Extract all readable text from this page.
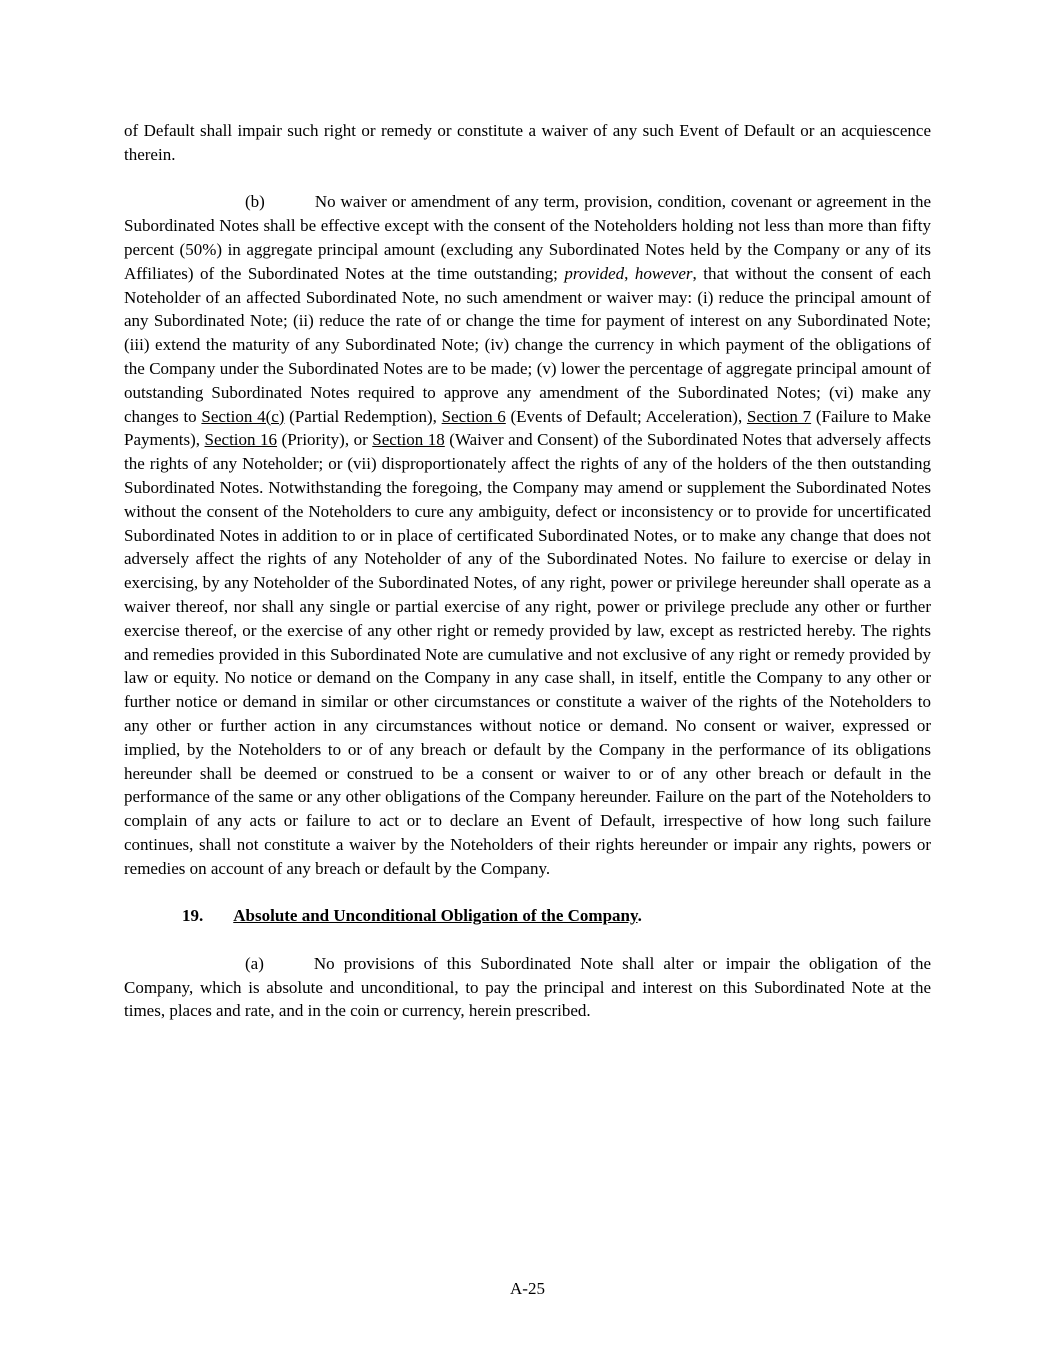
of Default shall impair such right or remedy or constitute a waiver of any such Event of Default or an acquiescence therein.

(b)	No waiver or amendment of any term, provision, condition, covenant or agreement in the Subordinated Notes shall be effective except with the consent of the Noteholders holding not less than more than fifty percent (50%) in aggregate principal amount (excluding any Subordinated Notes held by the Company or any of its Affiliates) of the Subordinated Notes at the time outstanding; provided, however, that without the consent of each Noteholder of an affected Subordinated Note, no such amendment or waiver may: (i) reduce the principal amount of any Subordinated Note; (ii) reduce the rate of or change the time for payment of interest on any Subordinated Note; (iii) extend the maturity of any Subordinated Note; (iv) change the currency in which payment of the obligations of the Company under the Subordinated Notes are to be made; (v) lower the percentage of aggregate principal amount of outstanding Subordinated Notes required to approve any amendment of the Subordinated Notes; (vi) make any changes to Section 4(c) (Partial Redemption), Section 6 (Events of Default; Acceleration), Section 7 (Failure to Make Payments), Section 16 (Priority), or Section 18 (Waiver and Consent) of the Subordinated Notes that adversely affects the rights of any Noteholder; or (vii) disproportionately affect the rights of any of the holders of the then outstanding Subordinated Notes. Notwithstanding the foregoing, the Company may amend or supplement the Subordinated Notes without the consent of the Noteholders to cure any ambiguity, defect or inconsistency or to provide for uncertificated Subordinated Notes in addition to or in place of certificated Subordinated Notes, or to make any change that does not adversely affect the rights of any Noteholder of any of the Subordinated Notes. No failure to exercise or delay in exercising, by any Noteholder of the Subordinated Notes, of any right, power or privilege hereunder shall operate as a waiver thereof, nor shall any single or partial exercise of any right, power or privilege preclude any other or further exercise thereof, or the exercise of any other right or remedy provided by law, except as restricted hereby. The rights and remedies provided in this Subordinated Note are cumulative and not exclusive of any right or remedy provided by law or equity. No notice or demand on the Company in any case shall, in itself, entitle the Company to any other or further notice or demand in similar or other circumstances or constitute a waiver of the rights of the Noteholders to any other or further action in any circumstances without notice or demand. No consent or waiver, expressed or implied, by the Noteholders to or of any breach or default by the Company in the performance of its obligations hereunder shall be deemed or construed to be a consent or waiver to or of any other breach or default in the performance of the same or any other obligations of the Company hereunder. Failure on the part of the Noteholders to complain of any acts or failure to act or to declare an Event of Default, irrespective of how long such failure continues, shall not constitute a waiver by the Noteholders of their rights hereunder or impair any rights, powers or remedies on account of any breach or default by the Company.

19. Absolute and Unconditional Obligation of the Company.

(a)	No provisions of this Subordinated Note shall alter or impair the obligation of the Company, which is absolute and unconditional, to pay the principal and interest on this Subordinated Note at the times, places and rate, and in the coin or currency, herein prescribed.

A-25
